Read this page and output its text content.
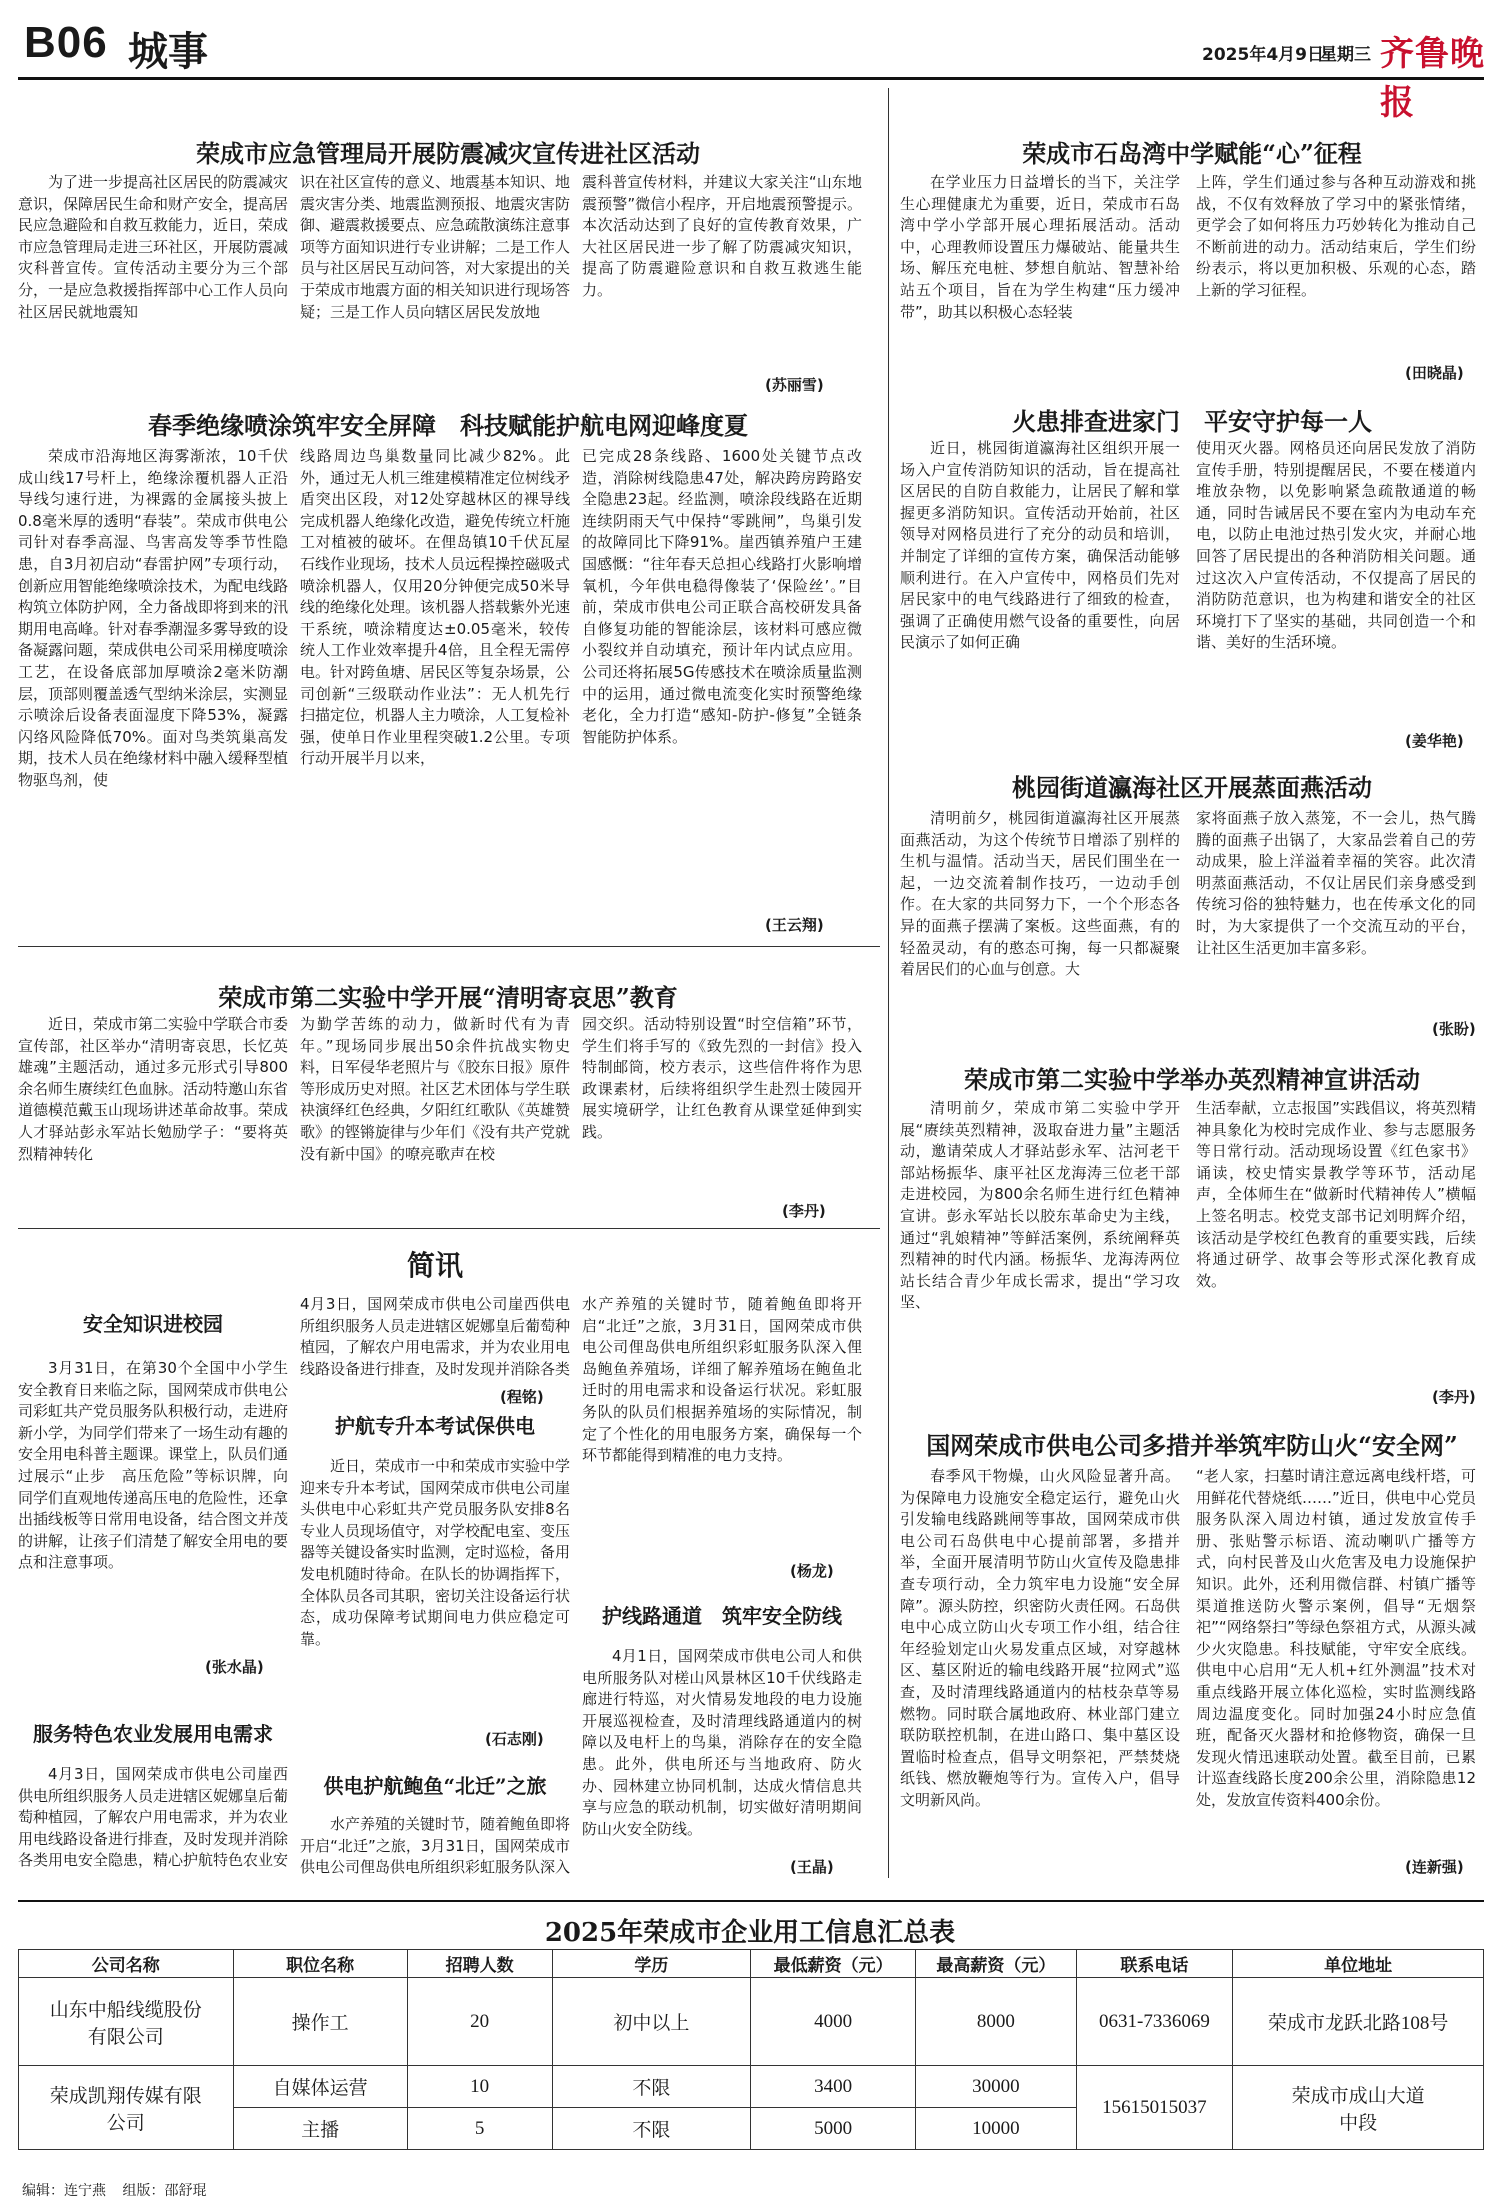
B06 城事	2025年4月9日
星期三 齐鲁晚报
荣成市应急管理局开展防震减灾宣传进社区活动
为了进一步提高社区居民的防震减灾意识，保障居民生命和财产安全，提高居民应急避险和自救互救能力，近日，荣成市应急管理局走进三环社区，开展防震减灾科普宣传。宣传活动主要分为三个部分，一是应急救援指挥部中心工作人员向社区居民就地震知
识在社区宣传的意义、地震基本知识、地震灾害分类、地震监测预报、地震灾害防御、避震救援要点、应急疏散演练注意事项等方面知识进行专业讲解；二是工作人员与社区居民互动问答，对大家提出的关于荣成市地震方面的相关知识进行现场答疑；三是工作人员向辖区居民发放地
震科普宣传材料，并建议大家关注“山东地震预警”微信小程序，开启地震预警提示。本次活动达到了良好的宣传教育效果，广大社区居民进一步了解了防震减灾知识，提高了防震避险意识和自救互救逃生能力。
(苏丽雪)
春季绝缘喷涂筑牢安全屏障　科技赋能护航电网迎峰度夏
荣成市沿海地区海雾渐浓，10千伏成山线17号杆上，绝缘涂覆机器人正沿导线匀速行进，为裸露的金属接头披上0.8毫米厚的透明“春装”。荣成市供电公司针对春季高湿、鸟害高发等季节性隐患，自3月初启动“春雷护网”专项行动，创新应用智能绝缘喷涂技术，为配电线路构筑立体防护网，全力备战即将到来的汛期用电高峰。针对春季潮湿多雾导致的设备凝露问题，荣成供电公司采用梯度喷涂工艺，在设备底部加厚喷涂2毫米防潮层，顶部则覆盖透气型纳米涂层，实测显示喷涂后设备表面湿度下降53%，凝露闪络风险降低70%。面对鸟类筑巢高发期，技术人员在绝缘材料中融入缓释型植物驱鸟剂，使
线路周边鸟巢数量同比减少82%。此外，通过无人机三维建模精准定位树线矛盾突出区段，对12处穿越林区的裸导线完成机器人绝缘化改造，避免传统立杆施工对植被的破坏。在俚岛镇10千伏瓦屋石线作业现场，技术人员远程操控磁吸式喷涂机器人，仅用20分钟便完成50米导线的绝缘化处理。该机器人搭载紫外光速干系统，喷涂精度达±0.05毫米，较传统人工作业效率提升4倍，且全程无需停电。针对跨鱼塘、居民区等复杂场景，公司创新“三级联动作业法”：无人机先行扫描定位，机器人主力喷涂，人工复检补强，使单日作业里程突破1.2公里。专项行动开展半月以来，
已完成28条线路、1600处关键节点改造，消除树线隐患47处，解决跨房跨路安全隐患23起。经监测，喷涂段线路在近期连续阴雨天气中保持“零跳闸”，鸟巢引发的故障同比下降91%。崖西镇养殖户王建国感慨：“往年春天总担心线路打火影响增氧机，今年供电稳得像装了‘保险丝’。”目前，荣成市供电公司正联合高校研发具备自修复功能的智能涂层，该材料可感应微小裂纹并自动填充，预计年内试点应用。公司还将拓展5G传感技术在喷涂质量监测中的运用，通过微电流变化实时预警绝缘老化，全力打造“感知-防护-修复”全链条智能防护体系。
(王云翔)
荣成市第二实验中学开展“清明寄哀思”教育
近日，荣成市第二实验中学联合市委宣传部，社区举办“清明寄哀思，长忆英雄魂”主题活动，通过多元形式引导800余名师生赓续红色血脉。活动特邀山东省道德模范戴玉山现场讲述革命故事。荣成人才驿站彭永军站长勉励学子：“要将英烈精神转化
为勤学苦练的动力，做新时代有为青年。”现场同步展出50余件抗战实物史料，日军侵华老照片与《胶东日报》原件等形成历史对照。社区艺术团体与学生联袂演绎红色经典，夕阳红红歌队《英雄赞歌》的铿锵旋律与少年们《没有共产党就没有新中国》的嘹亮歌声在校
园交织。活动特别设置“时空信箱”环节，学生们将手写的《致先烈的一封信》投入特制邮筒，校方表示，这些信件将作为思政课素材，后续将组织学生赴烈士陵园开展实境研学，让红色教育从课堂延伸到实践。
(李丹)
简讯
安全知识进校园
3月31日，在第30个全国中小学生安全教育日来临之际，国网荣成市供电公司彩虹共产党员服务队积极行动，走进府新小学，为同学们带来了一场生动有趣的安全用电科普主题课。课堂上，队员们通过展示“止步　高压危险”等标识牌，向同学们直观地传递高压电的危险性，还拿出插线板等日常用电设备，结合图文并茂的讲解，让孩子们清楚了解安全用电的要点和注意事项。
(张水晶)
服务特色农业发展用电需求
4月3日，国网荣成市供电公司崖西供电所组织服务人员走进辖区妮娜皇后葡萄种植园，了解农户用电需求，并为农业用电线路设备进行排查，及时发现并消除各类用电安全隐患，精心护航特色农业安
4月3日，国网荣成市供电公司崖西供电所组织服务人员走进辖区妮娜皇后葡萄种植园，了解农户用电需求，并为农业用电线路设备进行排查，及时发现并消除各类
(程铭)
护航专升本考试保供电
近日，荣成市一中和荣成市实验中学迎来专升本考试，国网荣成市供电公司崖头供电中心彩虹共产党员服务队安排8名专业人员现场值守，对学校配电室、变压器等关键设备实时监测，定时巡检，备用发电机随时待命。在队长的协调指挥下，全体队员各司其职，密切关注设备运行状态，成功保障考试期间电力供应稳定可靠。
(石志刚)
供电护航鲍鱼“北迁”之旅
水产养殖的关键时节，随着鲍鱼即将开启“北迁”之旅，3月31日，国网荣成市供电公司俚岛供电所组织彩虹服务队深入
水产养殖的关键时节，随着鲍鱼即将开启“北迁”之旅，3月31日，国网荣成市供电公司俚岛供电所组织彩虹服务队深入俚岛鲍鱼养殖场，详细了解养殖场在鲍鱼北迁时的用电需求和设备运行状况。彩虹服务队的队员们根据养殖场的实际情况，制定了个性化的用电服务方案，确保每一个环节都能得到精准的电力支持。
(杨龙)
护线路通道　筑牢安全防线
4月1日，国网荣成市供电公司人和供电所服务队对槎山风景林区10千伏线路走廊进行特巡，对火情易发地段的电力设施开展巡视检查，及时清理线路通道内的树障以及电杆上的鸟巢，消除存在的安全隐患。此外，供电所还与当地政府、防火办、园林建立协同机制，达成火情信息共享与应急的联动机制，切实做好清明期间防山火安全防线。
(王晶)
荣成市石岛湾中学赋能“心”征程
在学业压力日益增长的当下，关注学生心理健康尤为重要，近日，荣成市石岛湾中学小学部开展心理拓展活动。活动中，心理教师设置压力爆破站、能量共生场、解压充电桩、梦想自航站、智慧补给站五个项目，旨在为学生构建“压力缓冲带”，助其以积极心态轻装
上阵，学生们通过参与各种互动游戏和挑战，不仅有效释放了学习中的紧张情绪，更学会了如何将压力巧妙转化为推动自己不断前进的动力。活动结束后，学生们纷纷表示，将以更加积极、乐观的心态，踏上新的学习征程。
(田晓晶)
火患排查进家门　平安守护每一人
近日，桃园街道瀛海社区组织开展一场入户宣传消防知识的活动，旨在提高社区居民的自防自救能力，让居民了解和掌握更多消防知识。宣传活动开始前，社区领导对网格员进行了充分的动员和培训，并制定了详细的宣传方案，确保活动能够顺利进行。在入户宣传中，网格员们先对居民家中的电气线路进行了细致的检查，强调了正确使用燃气设备的重要性，向居民演示了如何正确
使用灭火器。网格员还向居民发放了消防宣传手册，特别提醒居民，不要在楼道内堆放杂物，以免影响紧急疏散通道的畅通，同时告诫居民不要在室内为电动车充电，以防止电池过热引发火灾，并耐心地回答了居民提出的各种消防相关问题。通过这次入户宣传活动，不仅提高了居民的消防防范意识，也为构建和谐安全的社区环境打下了坚实的基础，共同创造一个和谐、美好的生活环境。
(姜华艳)
桃园街道瀛海社区开展蒸面燕活动
清明前夕，桃园街道瀛海社区开展蒸面燕活动，为这个传统节日增添了别样的生机与温情。活动当天，居民们围坐在一起，一边交流着制作技巧，一边动手创作。在大家的共同努力下，一个个形态各异的面燕子摆满了案板。这些面燕，有的轻盈灵动，有的憨态可掬，每一只都凝聚着居民们的心血与创意。大
家将面燕子放入蒸笼，不一会儿，热气腾腾的面燕子出锅了，大家品尝着自己的劳动成果，脸上洋溢着幸福的笑容。此次清明蒸面燕活动，不仅让居民们亲身感受到传统习俗的独特魅力，也在传承文化的同时，为大家提供了一个交流互动的平台，让社区生活更加丰富多彩。
(张盼)
荣成市第二实验中学举办英烈精神宣讲活动
清明前夕，荣成市第二实验中学开展“赓续英烈精神，汲取奋进力量”主题活动，邀请荣成人才驿站彭永军、沽河老干部站杨振华、康平社区龙海涛三位老干部走进校园，为800余名师生进行红色精神宣讲。彭永军站长以胶东革命史为主线，通过“乳娘精神”等鲜活案例，系统阐释英烈精神的时代内涵。杨振华、龙海涛两位站长结合青少年成长需求，提出“学习攻坚、
生活奉献，立志报国”实践倡议，将英烈精神具象化为校时完成作业、参与志愿服务等日常行动。活动现场设置《红色家书》诵读，校史情实景教学等环节，活动尾声，全体师生在“做新时代精神传人”横幅上签名明志。校党支部书记刘明辉介绍，该活动是学校红色教育的重要实践，后续将通过研学、故事会等形式深化教育成效。
(李丹)
国网荣成市供电公司多措并举筑牢防山火“安全网”
春季风干物燥，山火风险显著升高。为保障电力设施安全稳定运行，避免山火引发输电线路跳闸等事故，国网荣成市供电公司石岛供电中心提前部署，多措并举，全面开展清明节防山火宣传及隐患排查专项行动，全力筑牢电力设施“安全屏障”。源头防控，织密防火责任网。石岛供电中心成立防山火专项工作小组，结合往年经验划定山火易发重点区域，对穿越林区、墓区附近的输电线路开展“拉网式”巡查，及时清理线路通道内的枯枝杂草等易燃物。同时联合属地政府、林业部门建立联防联控机制，在进山路口、集中墓区设置临时检查点，倡导文明祭祀，严禁焚烧纸钱、燃放鞭炮等行为。宣传入户，倡导文明新风尚。
“老人家，扫墓时请注意远离电线杆塔，可用鲜花代替烧纸……”近日，供电中心党员服务队深入周边村镇，通过发放宣传手册、张贴警示标语、流动喇叭广播等方式，向村民普及山火危害及电力设施保护知识。此外，还利用微信群、村镇广播等渠道推送防火警示案例，倡导“无烟祭祀”“网络祭扫”等绿色祭祖方式，从源头减少火灾隐患。科技赋能，守牢安全底线。供电中心启用“无人机+红外测温”技术对重点线路开展立体化巡检，实时监测线路周边温度变化。同时加强24小时应急值班，配备灭火器材和抢修物资，确保一旦发现火情迅速联动处置。截至目前，已累计巡查线路长度200余公里，消除隐患12处，发放宣传资料400余份。
(连新强)
2025年荣成市企业用工信息汇总表
公司名称	职位名称	招聘人数	学历	最低薪资（元）	最高薪资（元）	联系电话	单位地址
山东中船线缆股份有限公司	操作工	20	初中以上	4000	8000	0631-7336069	荣成市龙跃北路108号
荣成凯翔传媒有限公司	自媒体运营	10	不限	3400	30000	15615015037	荣成市成山大道中段
	主播	5	不限	5000	10000		
编辑：连宁燕 组版：邵舒琨
